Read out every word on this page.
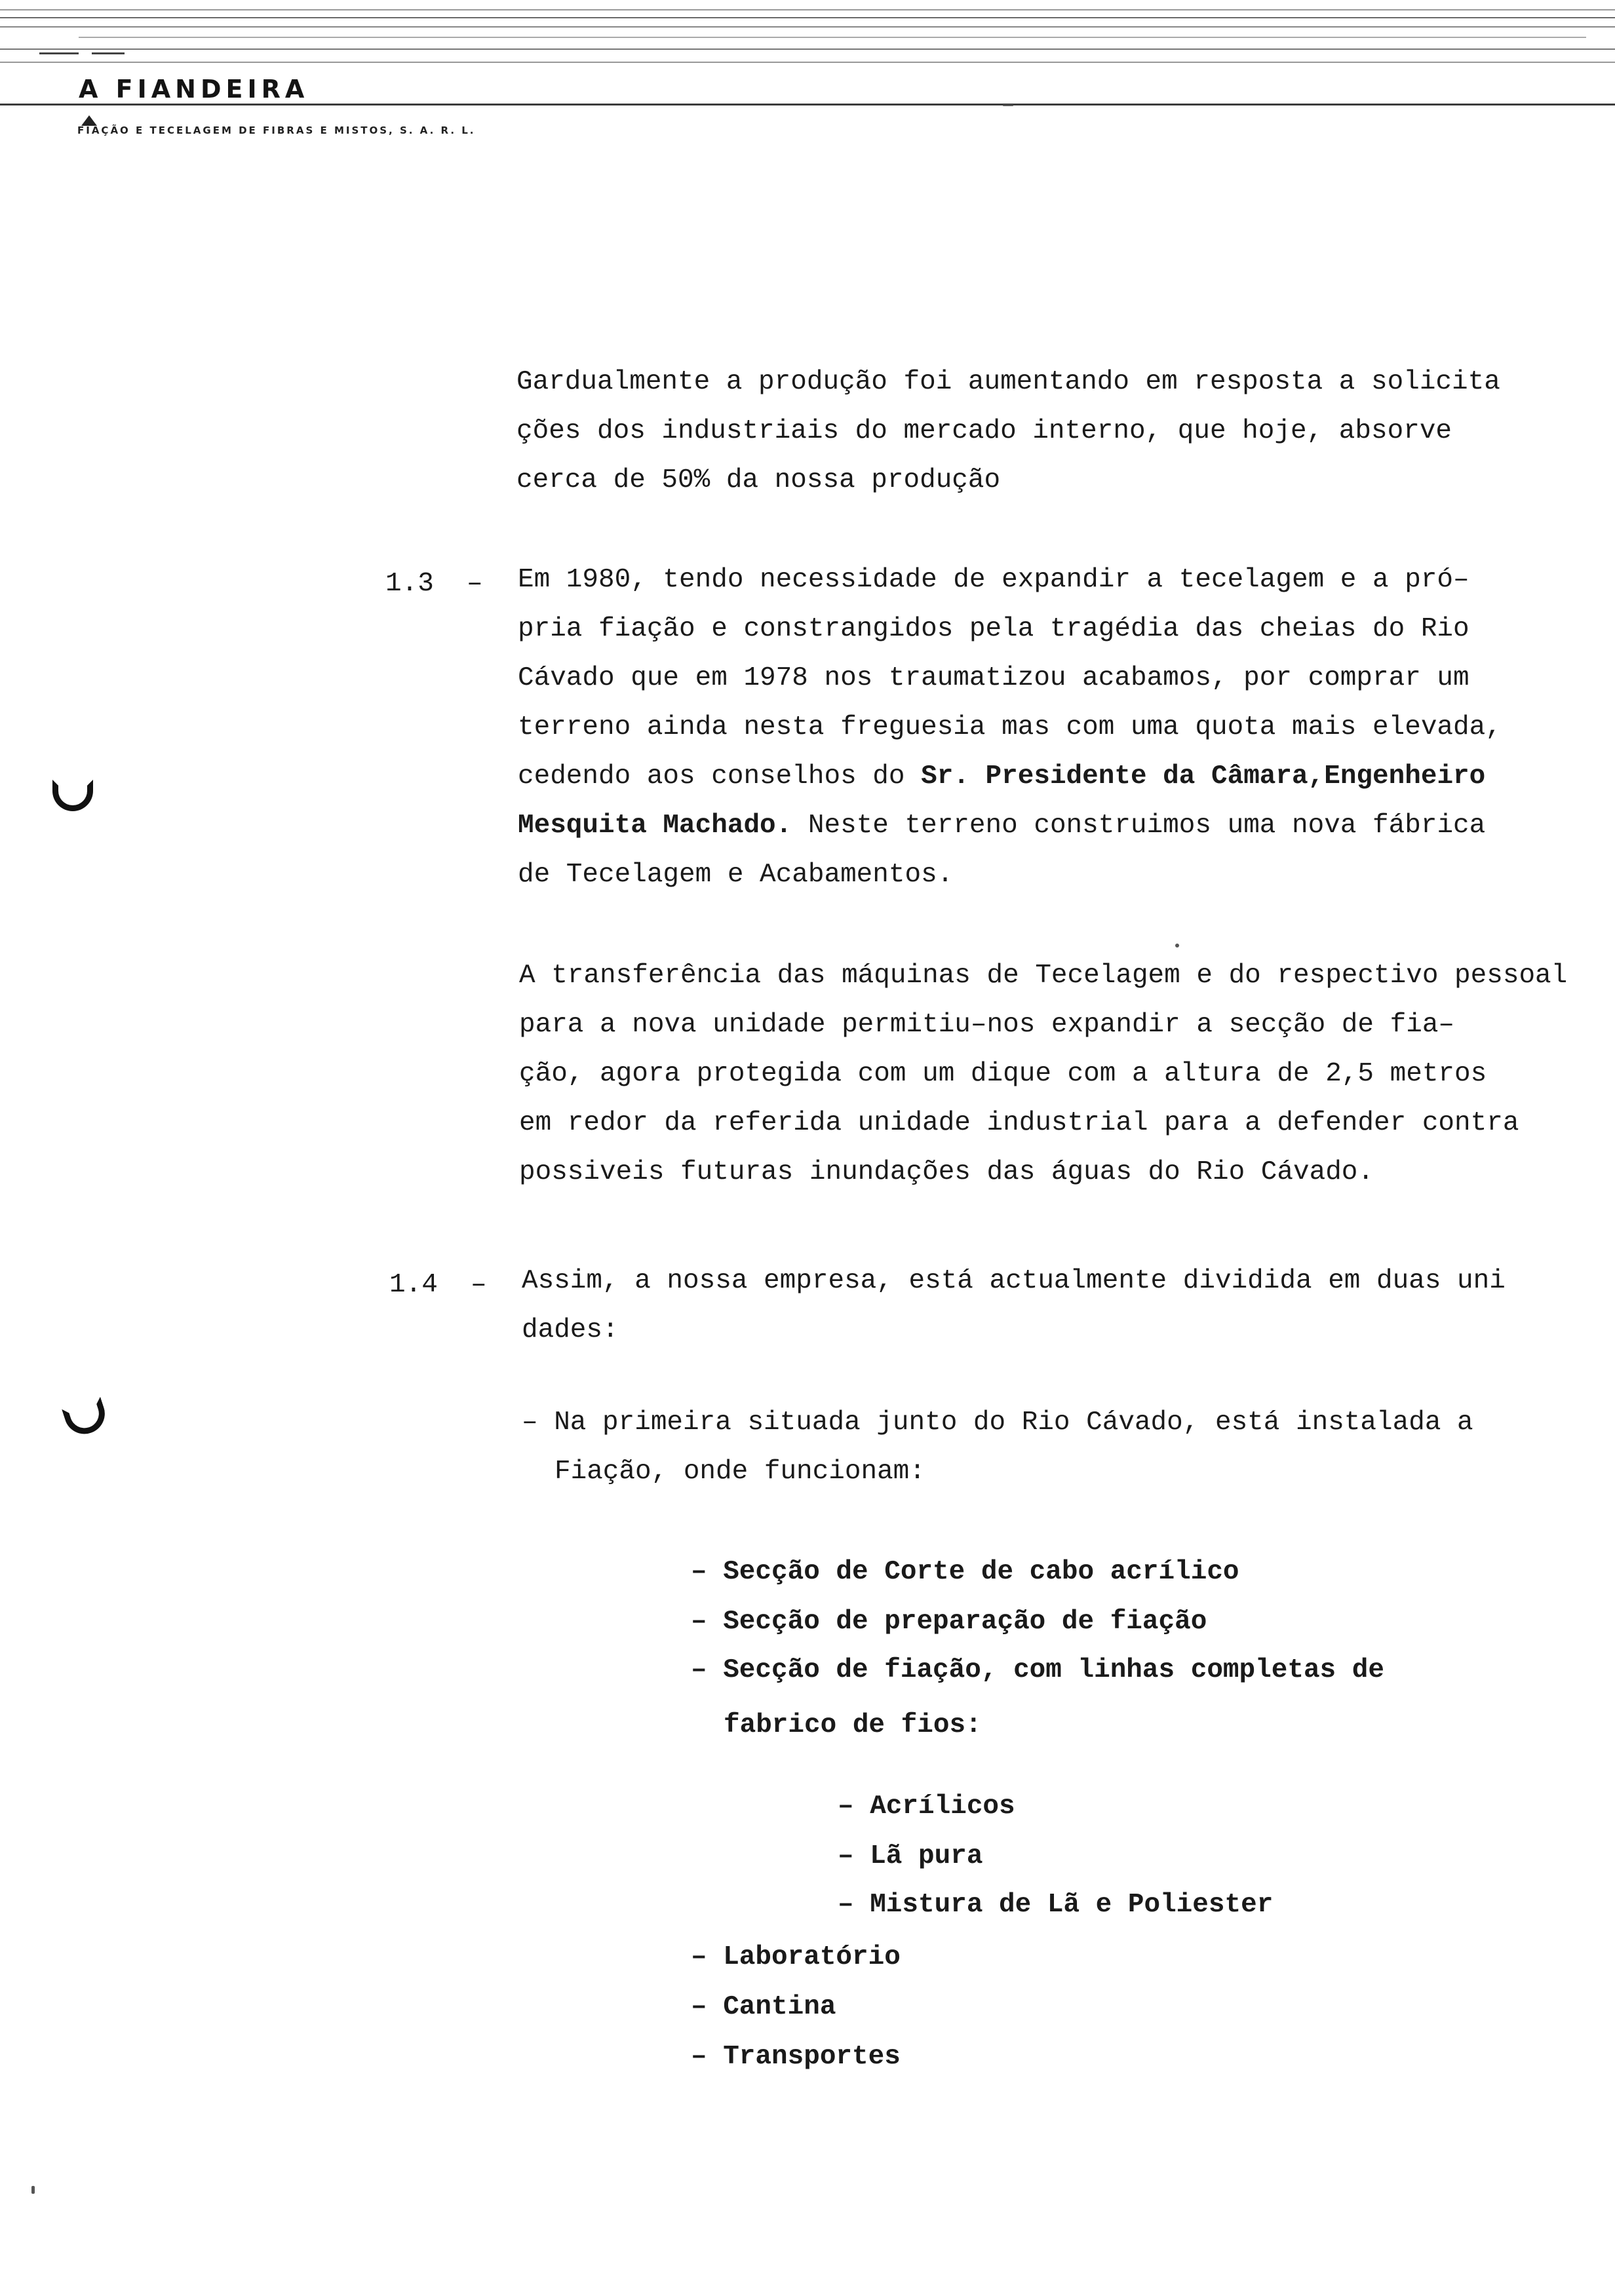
A FIANDEIRA
FIAÇÃO E TECELAGEM DE FIBRAS E MISTOS, S. A. R. L.
Gardualmente a produção foi aumentando em resposta a solicita
ções dos industriais do mercado interno, que hoje, absorve
cerca de 50% da nossa produção
1.3 – Em 1980, tendo necessidade de expandir a tecelagem e a pró–
pria fiação e constrangidos pela tragédia das cheias do Rio
Cávado que em 1978 nos traumatizou acabamos, por comprar um
terreno ainda nesta freguesia mas com uma quota mais elevada,
cedendo aos conselhos do Sr. Presidente da Câmara,Engenheiro
Mesquita Machado. Neste terreno construimos uma nova fábrica
de Tecelagem e Acabamentos.
A transferência das máquinas de Tecelagem e do respectivo pessoal
para a nova unidade permitiu–nos expandir a secção de fia–
ção, agora protegida com um dique com a altura de 2,5 metros
em redor da referida unidade industrial para a defender contra
possiveis futuras inundações das águas do Rio Cávado.
1.4 – Assim, a nossa empresa, está actualmente dividida em duas uni
dades:
– Na primeira situada junto do Rio Cávado, está instalada a
Fiação, onde funcionam:
– Secção de Corte de cabo acrílico
– Secção de preparação de fiação
– Secção de fiação, com linhas completas de
fabrico de fios:
– Acrílicos
– Lã pura
– Mistura de Lã e Poliester
– Laboratório
– Cantina
– Transportes
